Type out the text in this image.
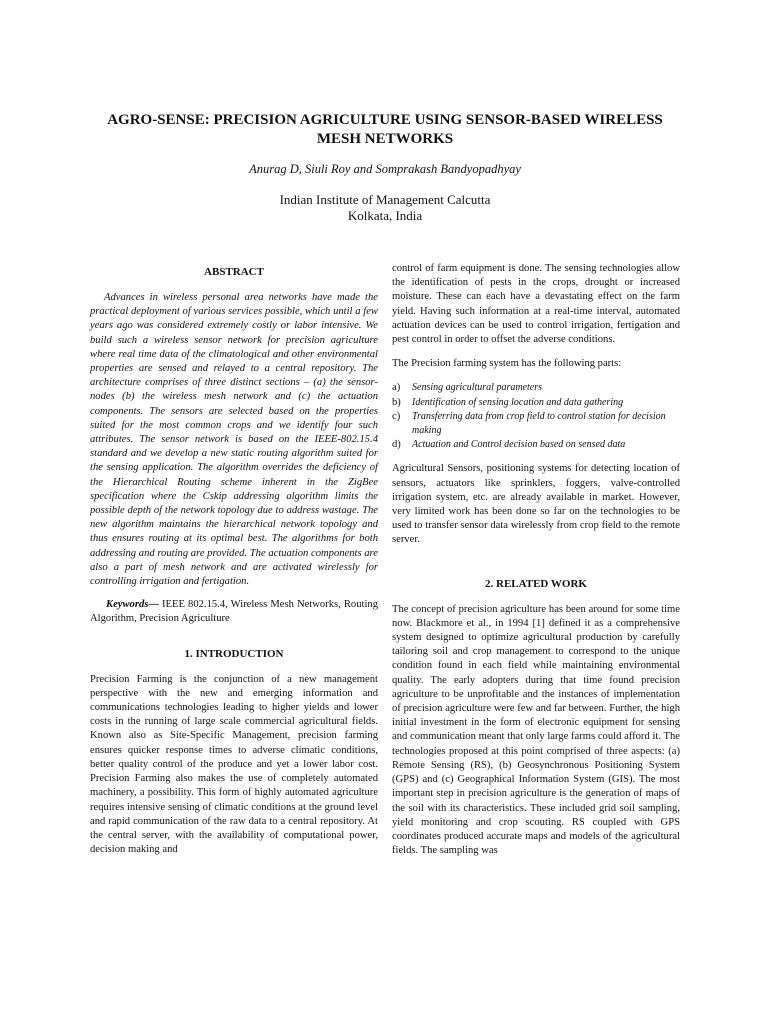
AGRO-SENSE: PRECISION AGRICULTURE USING SENSOR-BASED WIRELESS MESH NETWORKS
Anurag D, Siuli Roy and Somprakash Bandyopadhyay
Indian Institute of Management Calcutta
Kolkata, India
ABSTRACT

Advances in wireless personal area networks have made the practical deployment of various services possible, which until a few years ago was considered extremely costly or labor intensive. We build such a wireless sensor network for precision agriculture where real time data of the climatological and other environmental properties are sensed and relayed to a central repository. The architecture comprises of three distinct sections – (a) the sensor-nodes (b) the wireless mesh network and (c) the actuation components. The sensors are selected based on the properties suited for the most common crops and we identify four such attributes. The sensor network is based on the IEEE-802.15.4 standard and we develop a new static routing algorithm suited for the sensing application. The algorithm overrides the deficiency of the Hierarchical Routing scheme inherent in the ZigBee specification where the Cskip addressing algorithm limits the possible depth of the network topology due to address wastage. The new algorithm maintains the hierarchical network topology and thus ensures routing at its optimal best. The algorithms for both addressing and routing are provided. The actuation components are also a part of mesh network and are activated wirelessly for controlling irrigation and fertigation.

Keywords— IEEE 802.15.4, Wireless Mesh Networks, Routing Algorithm, Precision Agriculture

1. INTRODUCTION

Precision Farming is the conjunction of a new management perspective with the new and emerging information and communications technologies leading to higher yields and lower costs in the running of large scale commercial agricultural fields. Known also as Site-Specific Management, precision farming ensures quicker response times to adverse climatic conditions, better quality control of the produce and yet a lower labor cost. Precision Farming also makes the use of completely automated machinery, a possibility. This form of highly automated agriculture requires intensive sensing of climatic conditions at the ground level and rapid communication of the raw data to a central repository. At the central server, with the availability of computational power, decision making and

control of farm equipment is done. The sensing technologies allow the identification of pests in the crops, drought or increased moisture. These can each have a devastating effect on the farm yield. Having such information at a real-time interval, automated actuation devices can be used to control irrigation, fertigation and pest control in order to offset the adverse conditions.

The Precision farming system has the following parts:

a)	Sensing agricultural parameters
b)	Identification of sensing location and data gathering
c)	Transferring data from crop field to control station for decision making
d)	Actuation and Control decision based on sensed data

Agricultural Sensors, positioning systems for detecting location of sensors, actuators like sprinklers, foggers, valve-controlled irrigation system, etc. are already available in market. However, very limited work has been done so far on the technologies to be used to transfer sensor data wirelessly from crop field to the remote server.

2. RELATED WORK

The concept of precision agriculture has been around for some time now. Blackmore et al., in 1994 [1] defined it as a comprehensive system designed to optimize agricultural production by carefully tailoring soil and crop management to correspond to the unique condition found in each field while maintaining environmental quality. The early adopters during that time found precision agriculture to be unprofitable and the instances of implementation of precision agriculture were few and far between. Further, the high initial investment in the form of electronic equipment for sensing and communication meant that only large farms could afford it. The technologies proposed at this point comprised of three aspects: (a) Remote Sensing (RS), (b) Geosynchronous Positioning System (GPS) and (c) Geographical Information System (GIS). The most important step in precision agriculture is the generation of maps of the soil with its characteristics. These included grid soil sampling, yield monitoring and crop scouting. RS coupled with GPS coordinates produced accurate maps and models of the agricultural fields. The sampling was
